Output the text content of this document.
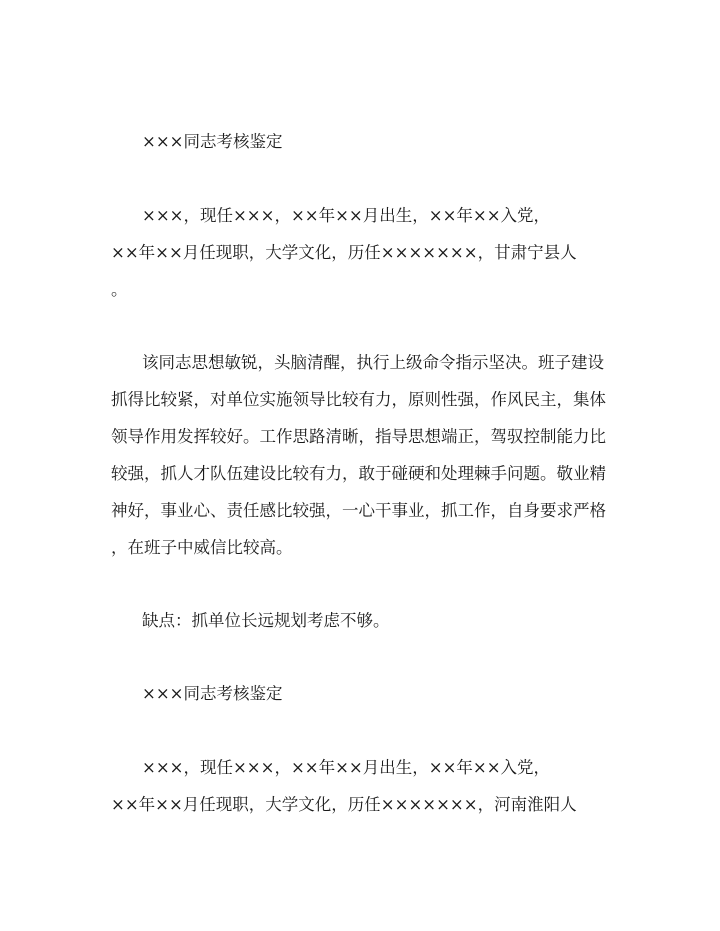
×××同志考核鉴定
×××，现任×××，××年××月出生，××年××入党，
××年××月任现职，大学文化，历任×××××××，甘肃宁县人
。
该同志思想敏锐，头脑清醒，执行上级命令指示坚决。班子建设
抓得比较紧，对单位实施领导比较有力，原则性强，作风民主，集体
领导作用发挥较好。工作思路清晰，指导思想端正，驾驭控制能力比
较强，抓人才队伍建设比较有力，敢于碰硬和处理棘手问题。敬业精
神好，事业心、责任感比较强，一心干事业，抓工作，自身要求严格
，在班子中威信比较高。
缺点：抓单位长远规划考虑不够。
×××同志考核鉴定
×××，现任×××，××年××月出生，××年××入党，
××年××月任现职，大学文化，历任×××××××，河南淮阳人
